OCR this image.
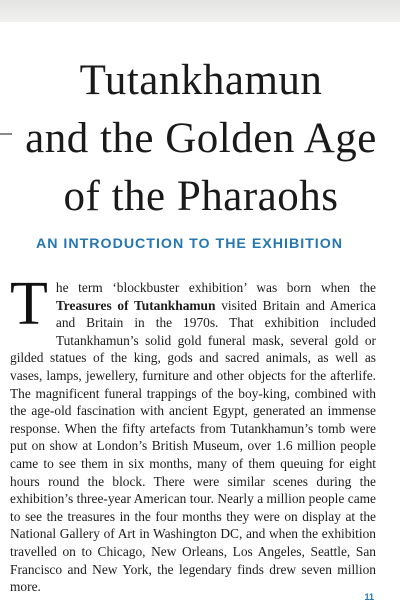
Tutankhamun
and the Golden Age
of the Pharaohs
AN INTRODUCTION TO THE EXHIBITION

The term ‘blockbuster exhibition’ was born when the Treasures of Tutankhamun visited Britain and America and Britain in the 1970s. That exhibition included Tutankhamun’s solid gold funeral mask, several gold or gilded statues of the king, gods and sacred animals, as well as vases, lamps, jewellery, furniture and other objects for the afterlife. The magnificent funeral trappings of the boy-king, combined with the age-old fascination with ancient Egypt, generated an immense response. When the fifty artefacts from Tutankhamun’s tomb were put on show at London’s British Museum, over 1.6 million people came to see them in six months, many of them queuing for eight hours round the block. There were similar scenes during the exhibition’s three-year American tour. Nearly a million people came to see the treasures in the four months they were on display at the National Gallery of Art in Washington DC, and when the exhibition travelled on to Chicago, New Orleans, Los Angeles, Seattle, San Francisco and New York, the legendary finds drew seven million more.

11
